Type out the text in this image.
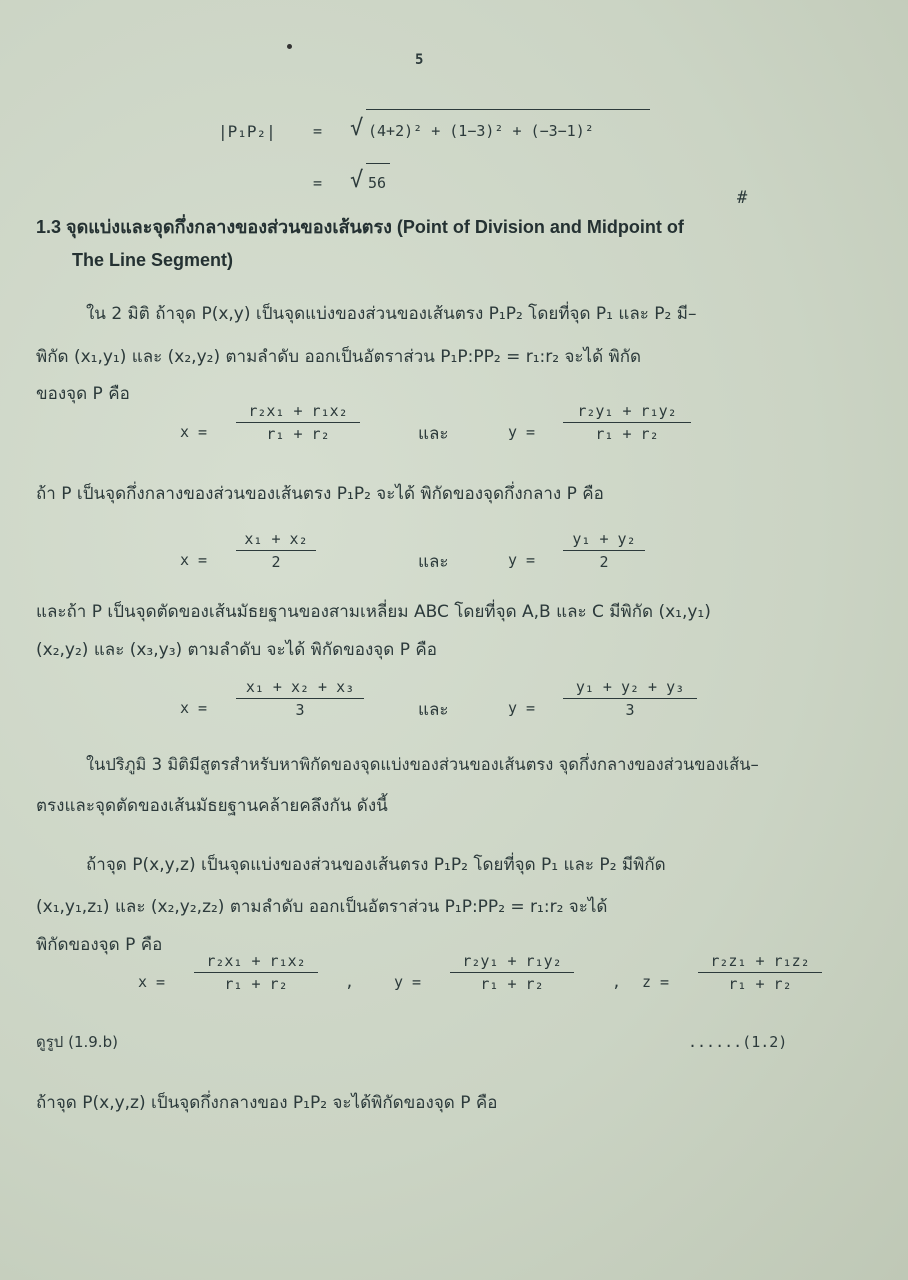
5
|P₁P₂| = √ (4+2)² + (1−3)² + (−3−1)²
= √ 56
#
1.3 จุดแบ่งและจุดกึ่งกลางของส่วนของเส้นตรง (Point of Division and Midpoint of
The Line Segment)
ใน 2 มิติ ถ้าจุด P(x,y) เป็นจุดแบ่งของส่วนของเส้นตรง P₁P₂ โดยที่จุด P₁ และ P₂ มี–
พิกัด (x₁,y₁) และ (x₂,y₂) ตามลำดับ ออกเป็นอัตราส่วน P₁P:PP₂ = r₁:r₂ จะได้ พิกัด
ของจุด P คือ
$x = \frac{\text{r₂x₁ + r₁x₂}}{\text{r₁ + r₂}}$	และ	$y = \frac{\text{r₂y₁ + r₁y₂}}{\text{r₁ + r₂}}$
ถ้า P เป็นจุดกึ่งกลางของส่วนของเส้นตรง P₁P₂ จะได้ พิกัดของจุดกึ่งกลาง P คือ
$x = \frac{\text{x₁ + x₂}}{2}$	และ	$y = \frac{\text{y₁ + y₂}}{2}$
และถ้า P เป็นจุดตัดของเส้นมัธยฐานของสามเหลี่ยม ABC โดยที่จุด A,B และ C มีพิกัด (x₁,y₁)
(x₂,y₂) และ (x₃,y₃) ตามลำดับ จะได้ พิกัดของจุด P คือ
$x = \frac{\text{x₁ + x₂ + x₃}}{3}$	และ	$y = \frac{\text{y₁ + y₂ + y₃}}{3}$
ในปริภูมิ 3 มิติมีสูตรสำหรับหาพิกัดของจุดแบ่งของส่วนของเส้นตรง จุดกึ่งกลางของส่วนของเส้น–
ตรงและจุดตัดของเส้นมัธยฐานคล้ายคลึงกัน ดังนี้
ถ้าจุด P(x,y,z) เป็นจุดแบ่งของส่วนของเส้นตรง P₁P₂ โดยที่จุด P₁ และ P₂ มีพิกัด
(x₁,y₁,z₁) และ (x₂,y₂,z₂) ตามลำดับ ออกเป็นอัตราส่วน P₁P:PP₂ = r₁:r₂ จะได้
พิกัดของจุด P คือ
$x = \frac{\text{r₂x₁ + r₁x₂}}{\text{r₁ + r₂}}$ ,	$y = \frac{\text{r₂y₁ + r₁y₂}}{\text{r₁ + r₂}}$	, $z = \frac{\text{r₂z₁ + r₁z₂}}{\text{r₁ + r₂}}$
ดูรูป (1.9.b)	......(1.2)
ถ้าจุด P(x,y,z) เป็นจุดกึ่งกลางของ P₁P₂ จะได้พิกัดของจุด P คือ
